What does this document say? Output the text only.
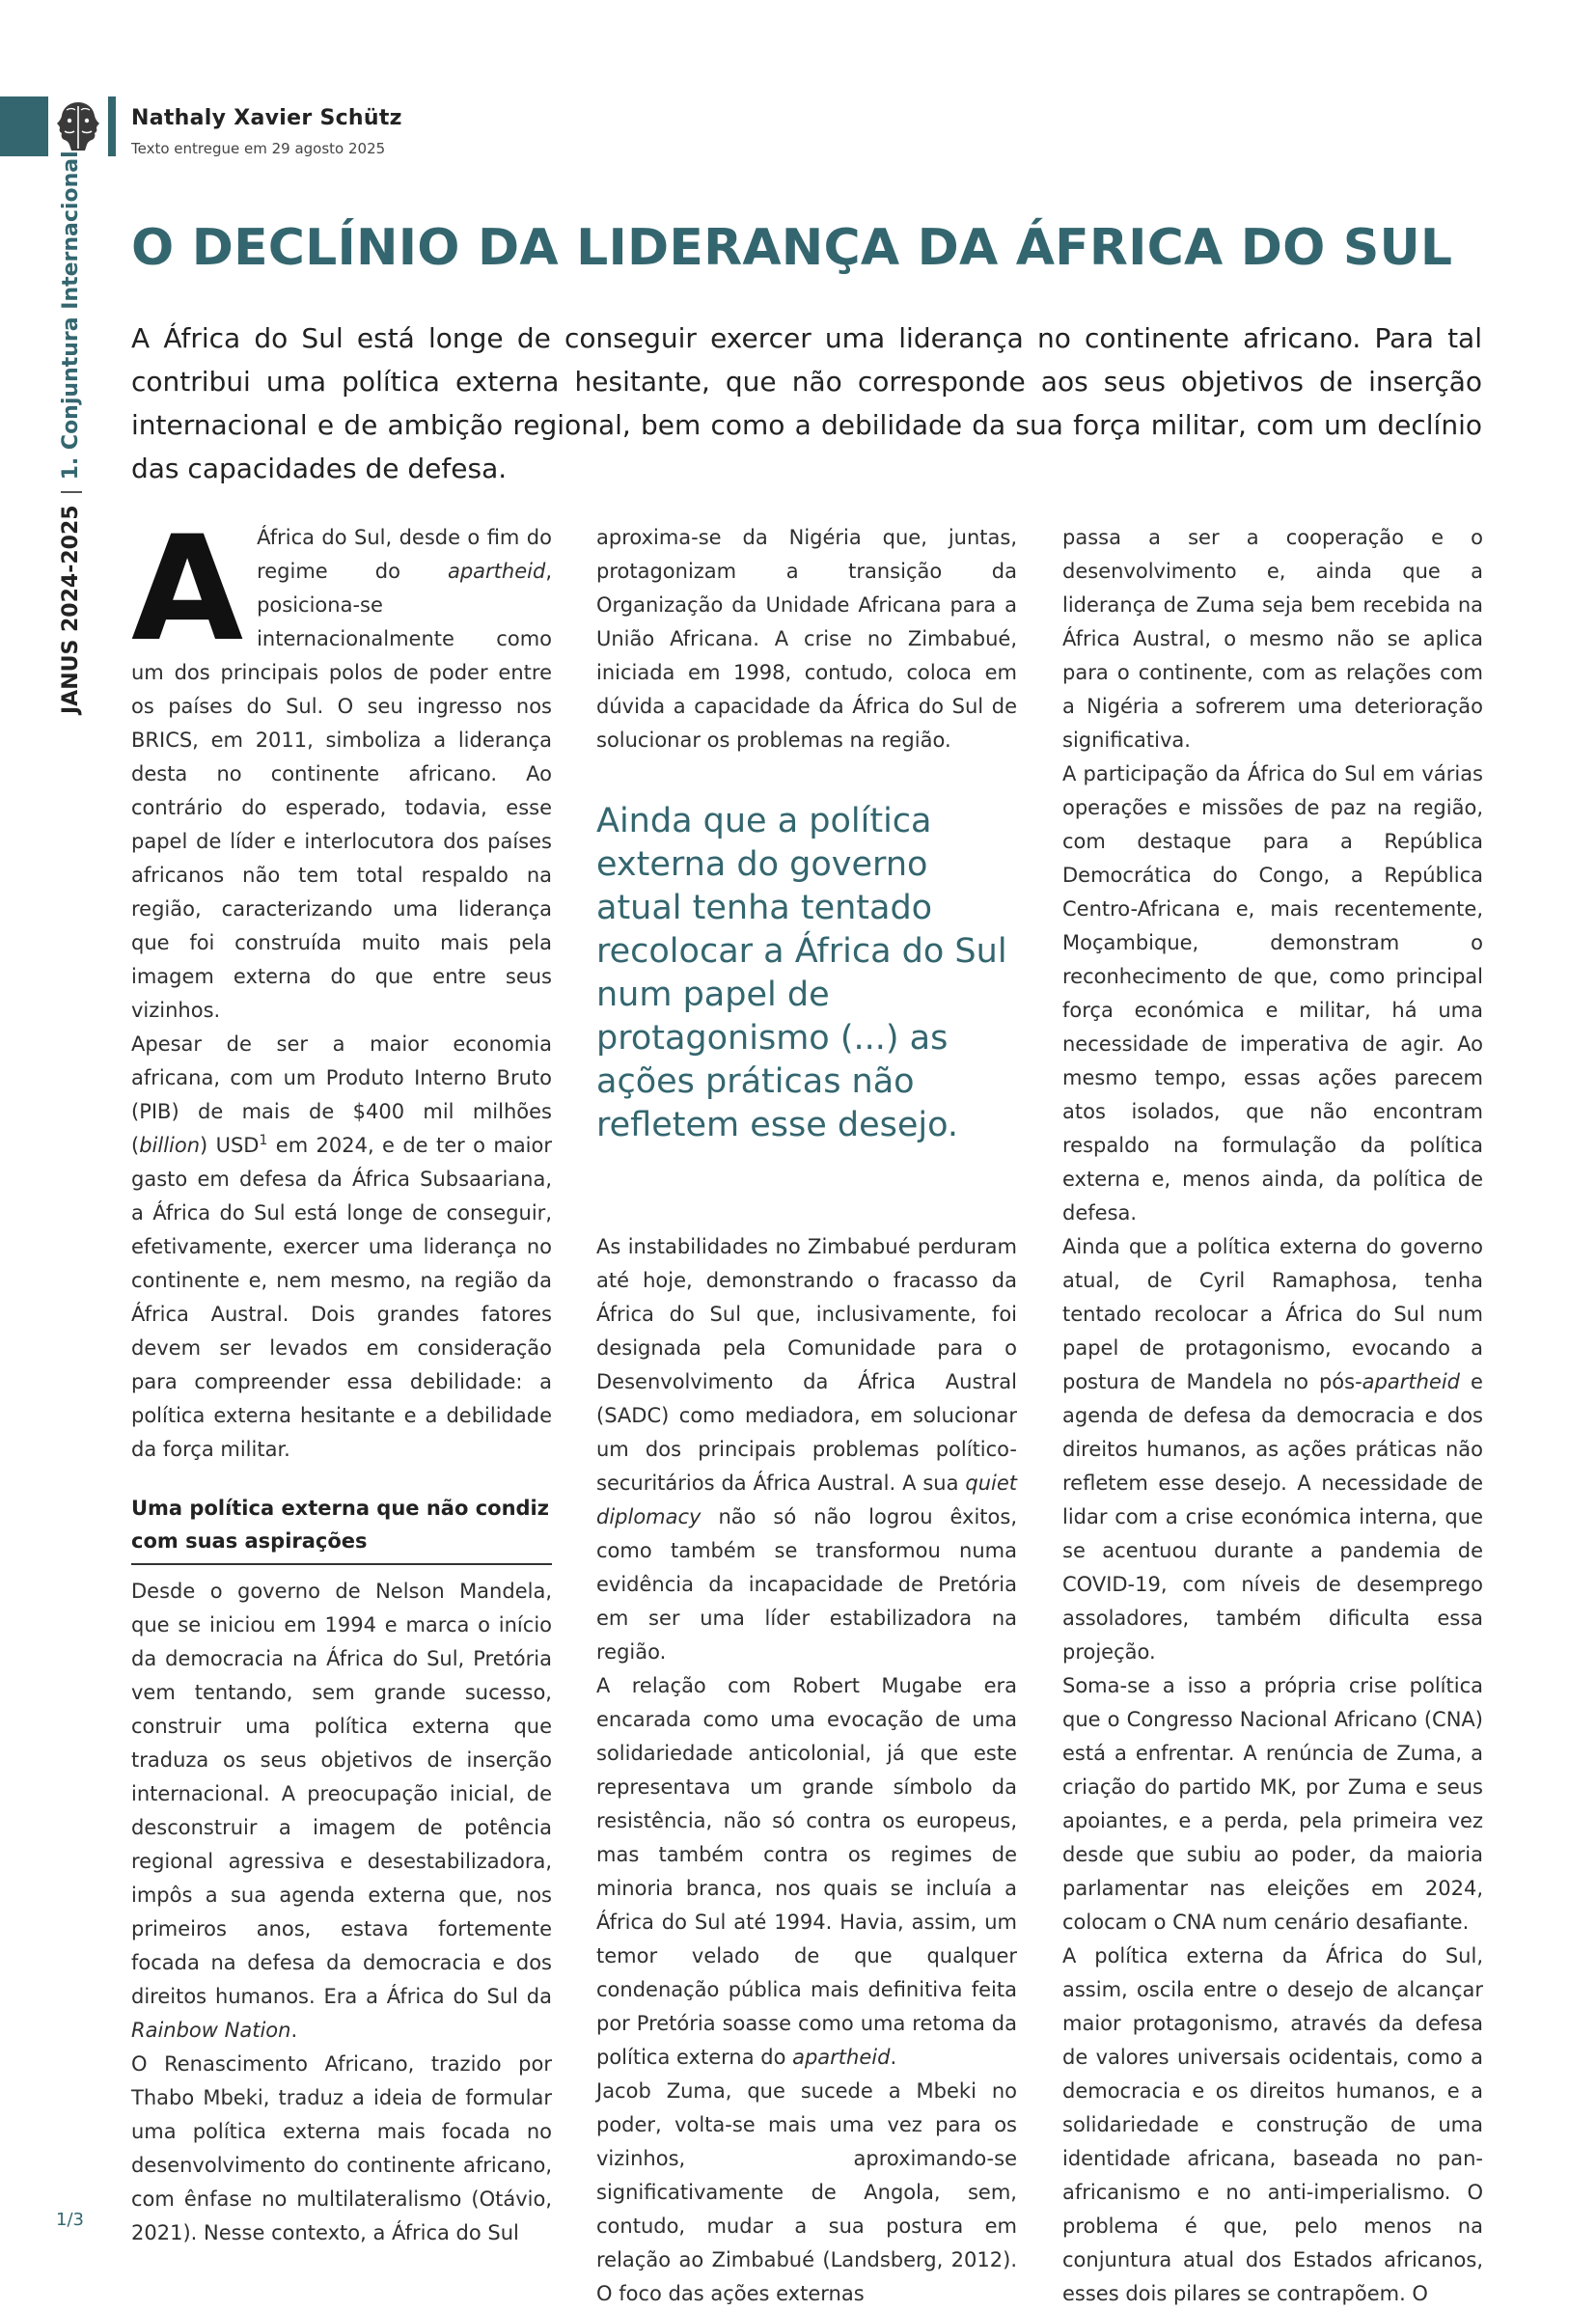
Nathaly Xavier Schütz
Texto entregue em 29 agosto 2025
JANUS 2024-20251. Conjuntura Internacional O DECLÍNIO DA LIDERANÇA DA ÁFRICA DO SUL

A África do Sul está longe de conseguir exercer uma liderança no continente africano. Para tal contribui uma política externa hesitante, que não corresponde aos seus objetivos de inserção internacional e de ambição regional, bem como a debilidade da sua força militar, com um declínio das capacidades de defesa.

A África do Sul, desde o fim do regime do apartheid, posiciona-se internacionalmente como um dos principais polos de poder entre os países do Sul. O seu ingresso nos BRICS, em 2011, simboliza a liderança desta no continente africano. Ao contrário do esperado, todavia, esse papel de líder e interlocutora dos países africanos não tem total respaldo na região, caracterizando uma liderança que foi construída muito mais pela imagem externa do que entre seus vizinhos.

Apesar de ser a maior economia africana, com um Produto Interno Bruto (PIB) de mais de $400 mil milhões (billion) USD$^1$ em 2024, e de ter o maior gasto em defesa da África Subsaariana, a África do Sul está longe de conseguir, efetivamente, exercer uma liderança no continente e, nem mesmo, na região da África Austral. Dois grandes fatores devem ser levados em consideração para compreender essa debilidade: a política externa hesitante e a debilidade da força militar.

Uma política externa que não condiz com suas aspirações

Desde o governo de Nelson Mandela, que se iniciou em 1994 e marca o início da democracia na África do Sul, Pretória vem tentando, sem grande sucesso, construir uma política externa que traduza os seus objetivos de inserção internacional. A preocupação inicial, de desconstruir a imagem de potência regional agressiva e desestabilizadora, impôs a sua agenda externa que, nos primeiros anos, estava fortemente focada na defesa da democracia e dos direitos humanos. Era a África do Sul da Rainbow Nation.

O Renascimento Africano, trazido por Thabo Mbeki, traduz a ideia de formular uma política externa mais focada no desenvolvimento do continente africano, com ênfase no multilateralismo (Otávio, 2021). Nesse contexto, a África do Sul

aproxima-se da Nigéria que, juntas, protagonizam a transição da Organização da Unidade Africana para a União Africana. A crise no Zimbabué, iniciada em 1998, contudo, coloca em dúvida a capacidade da África do Sul de solucionar os problemas na região.

Ainda que a política externa do governo atual tenha tentado recolocar a África do Sul num papel de protagonismo (...) as ações práticas não refletem esse desejo.

As instabilidades no Zimbabué perduram até hoje, demonstrando o fracasso da África do Sul que, inclusivamente, foi designada pela Comunidade para o Desenvolvimento da África Austral (SADC) como mediadora, em solucionar um dos principais problemas político-securitários da África Austral. A sua quiet diplomacy não só não logrou êxitos, como também se transformou numa evidência da incapacidade de Pretória em ser uma líder estabilizadora na região.

A relação com Robert Mugabe era encarada como uma evocação de uma solidariedade anticolonial, já que este representava um grande símbolo da resistência, não só contra os europeus, mas também contra os regimes de minoria branca, nos quais se incluía a África do Sul até 1994. Havia, assim, um temor velado de que qualquer condenação pública mais definitiva feita por Pretória soasse como uma retoma da política externa do apartheid.

Jacob Zuma, que sucede a Mbeki no poder, volta-se mais uma vez para os vizinhos, aproximando-se significativamente de Angola, sem, contudo, mudar a sua postura em relação ao Zimbabué (Landsberg, 2012). O foco das ações externas

passa a ser a cooperação e o desenvolvimento e, ainda que a liderança de Zuma seja bem recebida na África Austral, o mesmo não se aplica para o continente, com as relações com a Nigéria a sofrerem uma deterioração significativa.

A participação da África do Sul em várias operações e missões de paz na região, com destaque para a República Democrática do Congo, a República Centro-Africana e, mais recentemente, Moçambique, demonstram o reconhecimento de que, como principal força económica e militar, há uma necessidade de imperativa de agir. Ao mesmo tempo, essas ações parecem atos isolados, que não encontram respaldo na formulação da política externa e, menos ainda, da política de defesa.

Ainda que a política externa do governo atual, de Cyril Ramaphosa, tenha tentado recolocar a África do Sul num papel de protagonismo, evocando a postura de Mandela no pós-apartheid e agenda de defesa da democracia e dos direitos humanos, as ações práticas não refletem esse desejo. A necessidade de lidar com a crise económica interna, que se acentuou durante a pandemia de COVID-19, com níveis de desemprego assoladores, também dificulta essa projeção.

Soma-se a isso a própria crise política que o Congresso Nacional Africano (CNA) está a enfrentar. A renúncia de Zuma, a criação do partido MK, por Zuma e seus apoiantes, e a perda, pela primeira vez desde que subiu ao poder, da maioria parlamentar nas eleições em 2024, colocam o CNA num cenário desafiante.

A política externa da África do Sul, assim, oscila entre o desejo de alcançar maior protagonismo, através da defesa de valores universais ocidentais, como a democracia e os direitos humanos, e a solidariedade e construção de uma identidade africana, baseada no pan-africanismo e no anti-imperialismo. O problema é que, pelo menos na conjuntura atual dos Estados africanos, esses dois pilares se contrapõem. O

1/3
